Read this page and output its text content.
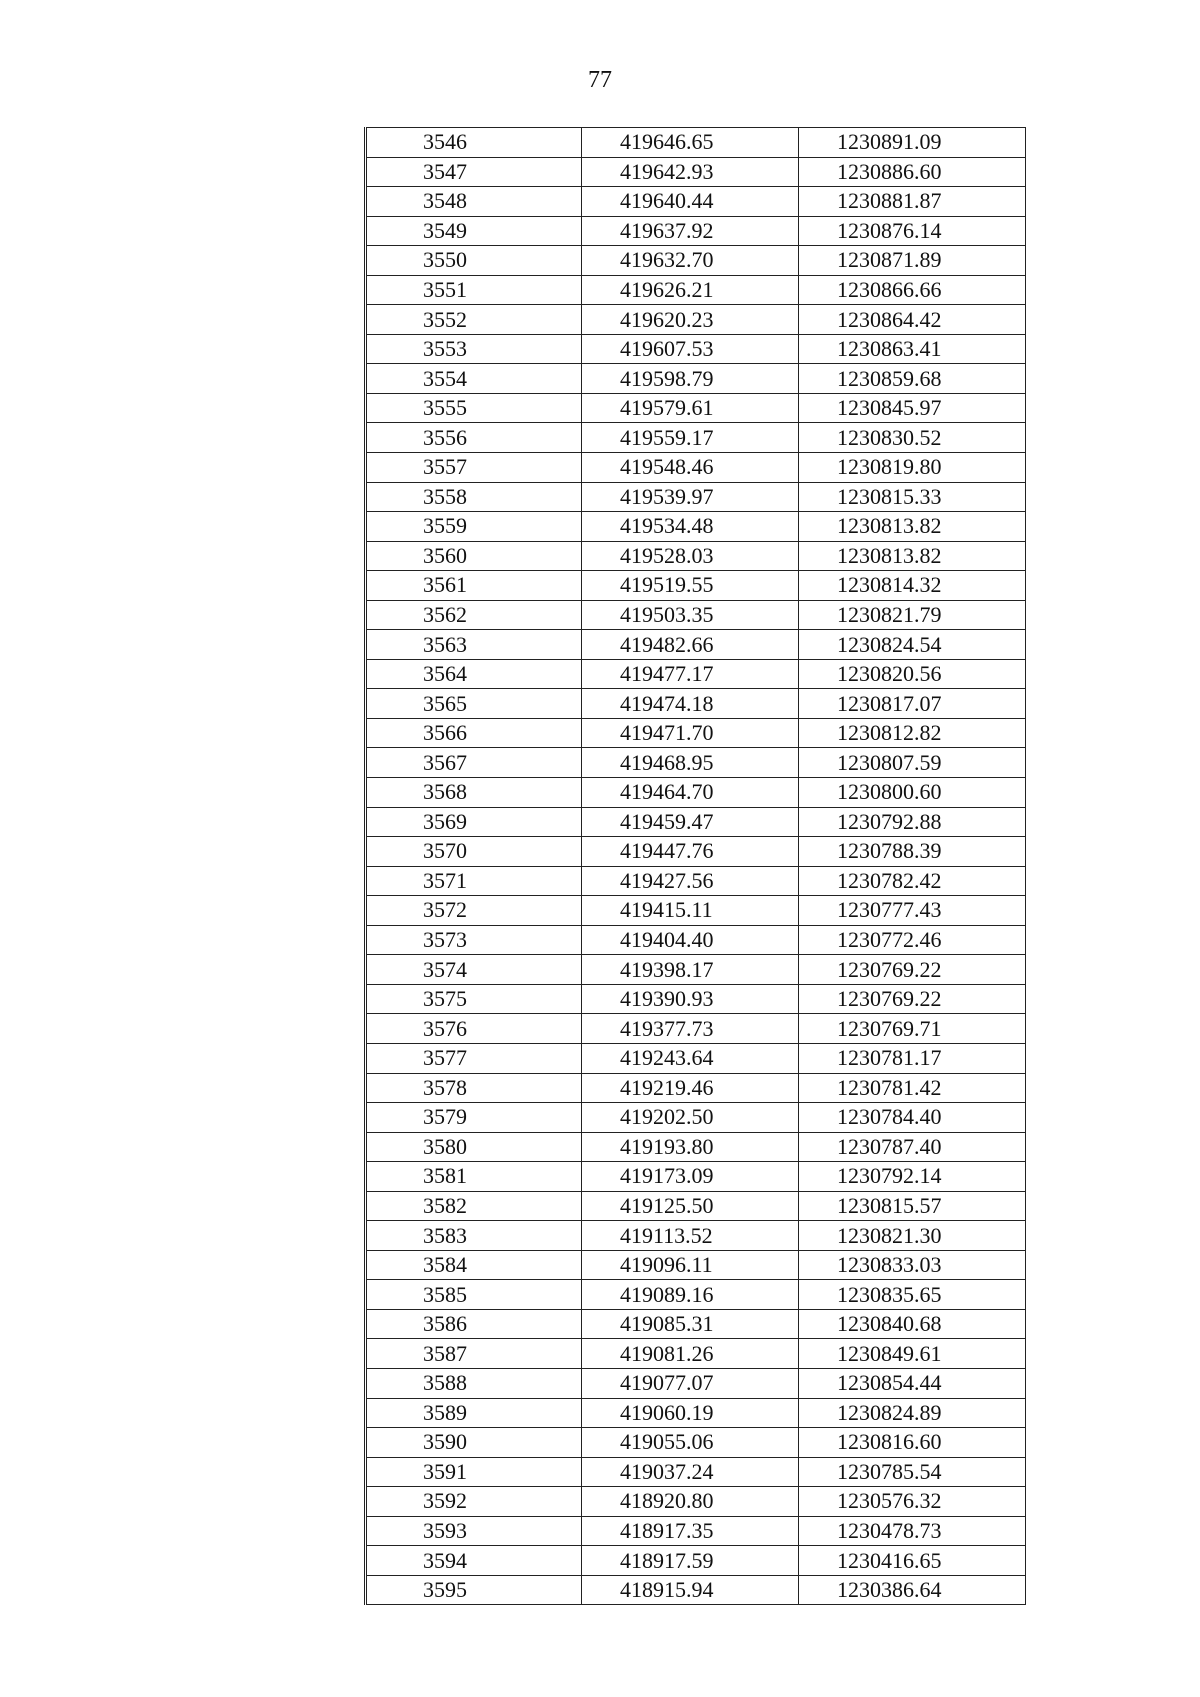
77
3546	419646.65	1230891.09
3547	419642.93	1230886.60
3548	419640.44	1230881.87
3549	419637.92	1230876.14
3550	419632.70	1230871.89
3551	419626.21	1230866.66
3552	419620.23	1230864.42
3553	419607.53	1230863.41
3554	419598.79	1230859.68
3555	419579.61	1230845.97
3556	419559.17	1230830.52
3557	419548.46	1230819.80
3558	419539.97	1230815.33
3559	419534.48	1230813.82
3560	419528.03	1230813.82
3561	419519.55	1230814.32
3562	419503.35	1230821.79
3563	419482.66	1230824.54
3564	419477.17	1230820.56
3565	419474.18	1230817.07
3566	419471.70	1230812.82
3567	419468.95	1230807.59
3568	419464.70	1230800.60
3569	419459.47	1230792.88
3570	419447.76	1230788.39
3571	419427.56	1230782.42
3572	419415.11	1230777.43
3573	419404.40	1230772.46
3574	419398.17	1230769.22
3575	419390.93	1230769.22
3576	419377.73	1230769.71
3577	419243.64	1230781.17
3578	419219.46	1230781.42
3579	419202.50	1230784.40
3580	419193.80	1230787.40
3581	419173.09	1230792.14
3582	419125.50	1230815.57
3583	419113.52	1230821.30
3584	419096.11	1230833.03
3585	419089.16	1230835.65
3586	419085.31	1230840.68
3587	419081.26	1230849.61
3588	419077.07	1230854.44
3589	419060.19	1230824.89
3590	419055.06	1230816.60
3591	419037.24	1230785.54
3592	418920.80	1230576.32
3593	418917.35	1230478.73
3594	418917.59	1230416.65
3595	418915.94	1230386.64
